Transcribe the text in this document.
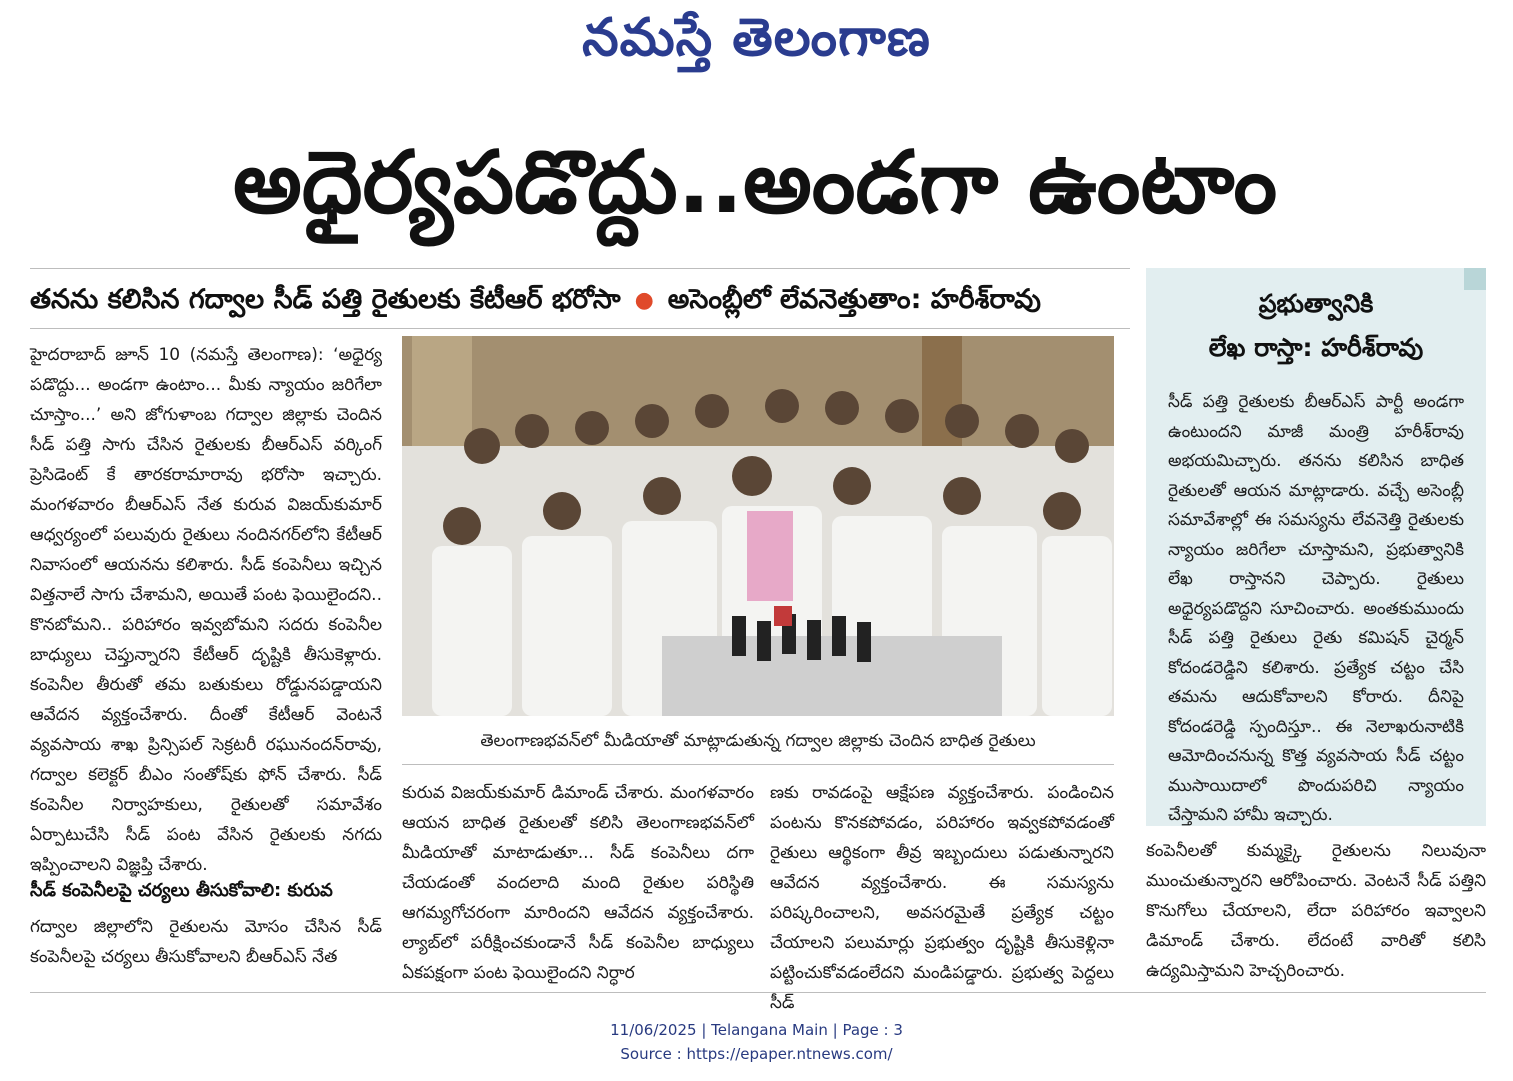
నమస్తే తెలంగాణ
అధైర్యపడొద్దు..అండగా ఉంటాం
తనను కలిసిన గద్వాల సీడ్ పత్తి రైతులకు కేటీఆర్ భరోసా ● అసెంబ్లీలో లేవనెత్తుతాం: హరీశ్‌రావు
హైదరాబాద్ జూన్ 10 (నమస్తే తెలంగాణ): ‘అధైర్య పడొద్దు... అండగా ఉంటాం... మీకు న్యాయం జరిగేలా చూస్తాం...’ అని జోగుళాంబ గద్వాల జిల్లాకు చెందిన సీడ్ పత్తి సాగు చేసిన రైతులకు బీఆర్ఎస్ వర్కింగ్ ప్రెసిడెంట్ కే తారకరామారావు భరోసా ఇచ్చారు. మంగళవారం బీఆర్ఎస్ నేత కురువ విజయ్‌కుమార్ ఆధ్వర్యంలో పలువురు రైతులు నందినగర్‌లోని కేటీఆర్ నివాసంలో ఆయనను కలిశారు. సీడ్ కంపెనీలు ఇచ్చిన విత్తనాలే సాగు చేశామని, అయితే పంట ఫెయిలైందని.. కొనబోమని.. పరిహారం ఇవ్వబోమని సదరు కంపెనీల బాధ్యులు చెప్తున్నారని కేటీఆర్ దృష్టికి తీసుకెళ్లారు. కంపెనీల తీరుతో తమ బతుకులు రోడ్డునపడ్డాయని ఆవేదన వ్యక్తంచేశారు. దీంతో కేటీఆర్ వెంటనే వ్యవసాయ శాఖ ప్రిన్సిపల్ సెక్రటరీ రఘునందన్‌రావు, గద్వాల కలెక్టర్ బీఎం సంతోష్‌కు ఫోన్ చేశారు. సీడ్ కంపెనీల నిర్వాహకులు, రైతులతో సమావేశం ఏర్పాటుచేసి సీడ్ పంట వేసిన రైతులకు నగదు ఇప్పించాలని విజ్ఞప్తి చేశారు.
సీడ్ కంపెనీలపై చర్యలు తీసుకోవాలి: కురువ
గద్వాల జిల్లాలోని రైతులను మోసం చేసిన సీడ్ కంపెనీలపై చర్యలు తీసుకోవాలని బీఆర్ఎస్ నేత
తెలంగాణభవన్‌లో మీడియాతో మాట్లాడుతున్న గద్వాల జిల్లాకు చెందిన బాధిత రైతులు
కురువ విజయ్‌కుమార్ డిమాండ్ చేశారు. మంగళవారం ఆయన బాధిత రైతులతో కలిసి తెలంగాణభవన్‌లో మీడియాతో మాటాడుతూ... సీడ్ కంపెనీలు దగా చేయడంతో వందలాది మంది రైతుల పరిస్థితి ఆగమ్యగోచరంగా మారిందని ఆవేదన వ్యక్తంచేశారు. ల్యాబ్‌లో పరీక్షించకుండానే సీడ్ కంపెనీల బాధ్యులు ఏకపక్షంగా పంట ఫెయిలైందని నిర్ధార
ణకు రావడంపై ఆక్షేపణ వ్యక్తంచేశారు. పండించిన పంటను కొనకపోవడం, పరిహారం ఇవ్వకపోవడంతో రైతులు ఆర్థికంగా తీవ్ర ఇబ్బందులు పడుతున్నారని ఆవేదన వ్యక్తంచేశారు. ఈ సమస్యను పరిష్కరించాలని, అవసరమైతే ప్రత్యేక చట్టం చేయాలని పలుమార్లు ప్రభుత్వం దృష్టికి తీసుకెళ్లినా పట్టించుకోవడంలేదని మండిపడ్డారు. ప్రభుత్వ పెద్దలు సీడ్
ప్రభుత్వానికి
లేఖ రాస్తా: హరీశ్‌రావు
సీడ్ పత్తి రైతులకు బీఆర్ఎస్ పార్టీ అండగా ఉంటుందని మాజీ మంత్రి హరీశ్‌రావు అభయమిచ్చారు. తనను కలిసిన బాధిత రైతులతో ఆయన మాట్లాడారు. వచ్చే అసెంబ్లీ సమావేశాల్లో ఈ సమస్యను లేవనెత్తి రైతులకు న్యాయం జరిగేలా చూస్తామని, ప్రభుత్వానికి లేఖ రాస్తానని చెప్పారు. రైతులు అధైర్యపడొద్దని సూచించారు. అంతకుముందు సీడ్ పత్తి రైతులు రైతు కమిషన్ చైర్మన్ కోదండరెడ్డిని కలిశారు. ప్రత్యేక చట్టం చేసి తమను ఆదుకోవాలని కోరారు. దీనిపై కోదండరెడ్డి స్పందిస్తూ.. ఈ నెలాఖరునాటికి ఆమోదించనున్న కొత్త వ్యవసాయ సీడ్ చట్టం ముసాయిదాలో పొందుపరిచి న్యాయం చేస్తామని హామీ ఇచ్చారు.
కంపెనీలతో కుమ్మక్కై రైతులను నిలువునా ముంచుతున్నారని ఆరోపించారు. వెంటనే సీడ్ పత్తిని కొనుగోలు చేయాలని, లేదా పరిహారం ఇవ్వాలని డిమాండ్ చేశారు. లేదంటే వారితో కలిసి ఉద్యమిస్తామని హెచ్చరించారు.
11/06/2025 | Telangana Main | Page : 3
Source : https://epaper.ntnews.com/
